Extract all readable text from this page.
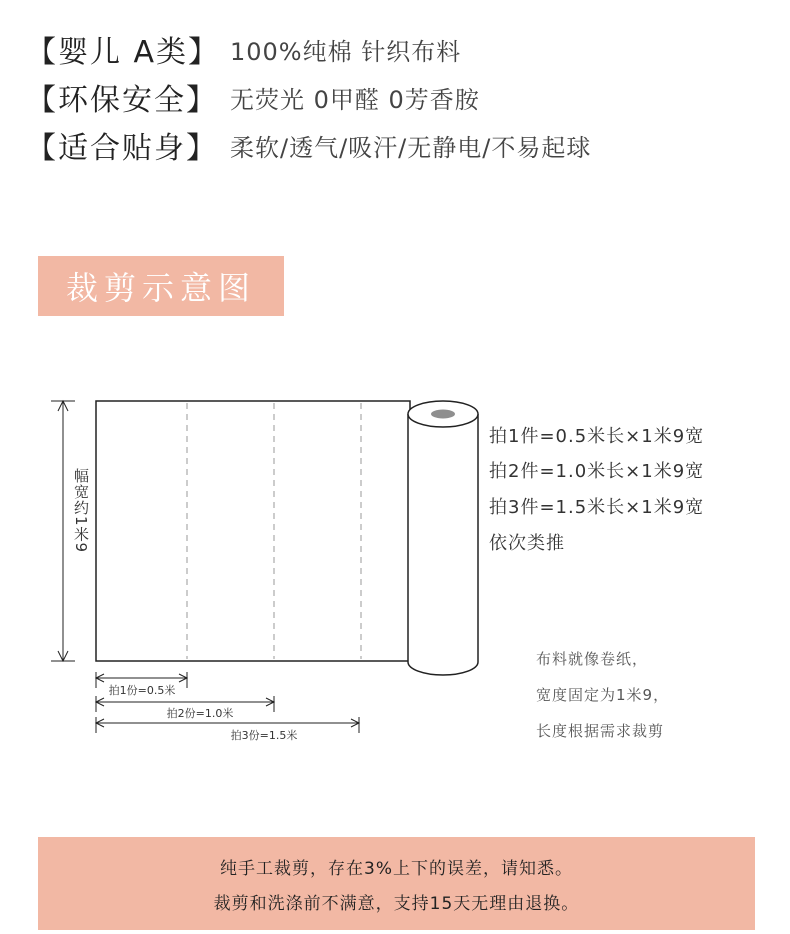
【婴儿 A类】 100%纯棉 针织布料
【环保安全】 无荧光 0甲醛 0芳香胺
【适合贴身】 柔软/透气/吸汗/无静电/不易起球
裁剪示意图
幅宽约1米9
拍1份=0.5米
拍2份=1.0米
拍3份=1.5米
拍1件=0.5米长×1米9宽
拍2件=1.0米长×1米9宽
拍3件=1.5米长×1米9宽
依次类推
布料就像卷纸，
宽度固定为1米9，
长度根据需求裁剪
纯手工裁剪，存在3%上下的误差，请知悉。
裁剪和洗涤前不满意，支持15天无理由退换。
